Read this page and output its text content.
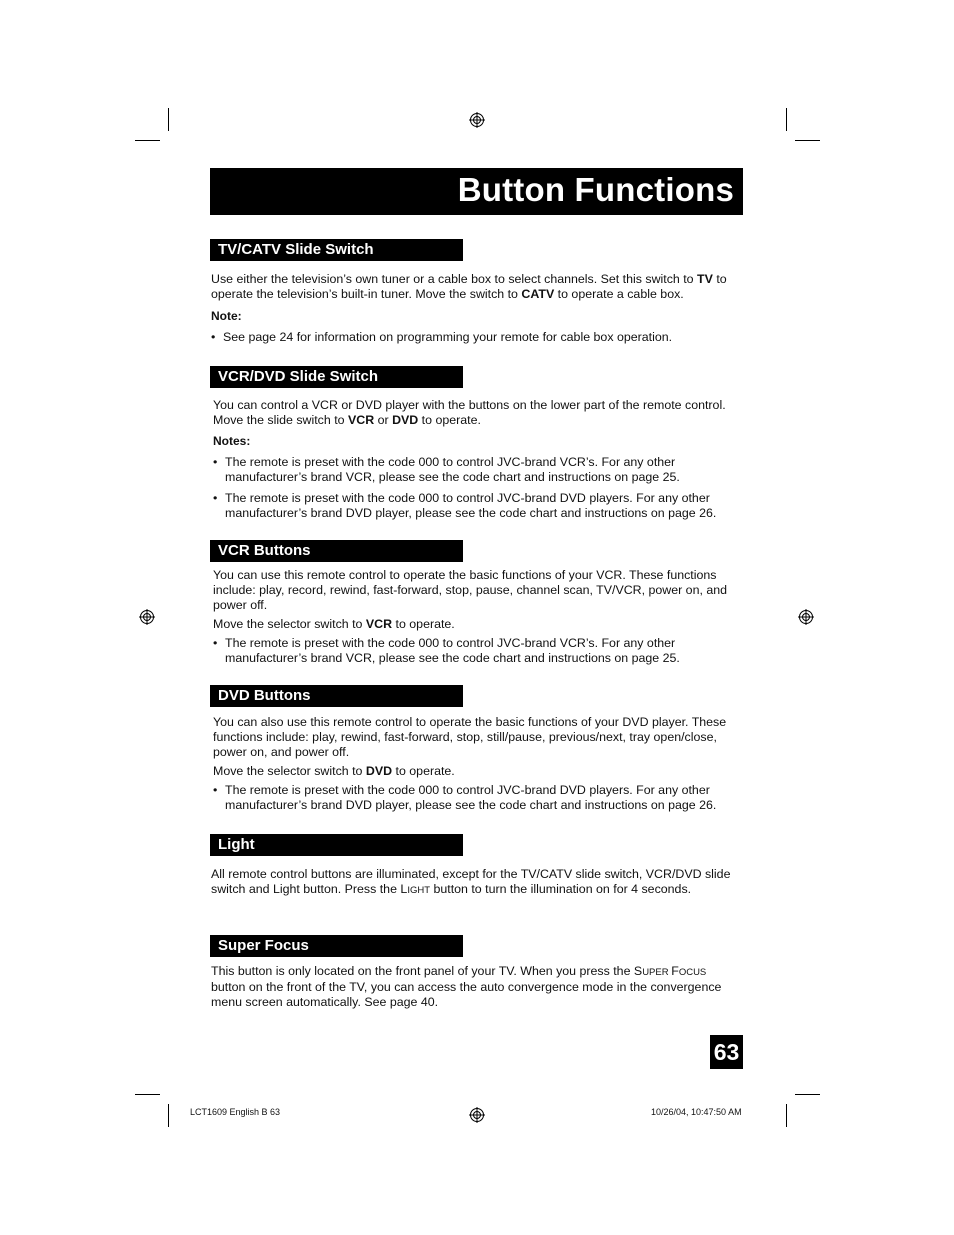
Button Functions
TV/CATV Slide Switch

Use either the television’s own tuner or a cable box to select channels. Set this switch to TV to operate the television’s built-in tuner. Move the switch to CATV to operate a cable box.

Note:
• See page 24 for information on programming your remote for cable box operation.
VCR/DVD Slide Switch

You can control a VCR or DVD player with the buttons on the lower part of the remote control. Move the slide switch to VCR or DVD to operate.

Notes:
• The remote is preset with the code 000 to control JVC-brand VCR’s. For any other manufacturer’s brand VCR, please see the code chart and instructions on page 25.
• The remote is preset with the code 000 to control JVC-brand DVD players. For any other manufacturer’s brand DVD player, please see the code chart and instructions on page 26.
VCR Buttons

You can use this remote control to operate the basic functions of your VCR. These functions include: play, record, rewind, fast-forward, stop, pause, channel scan, TV/VCR, power on, and power off.

Move the selector switch to VCR to operate.

• The remote is preset with the code 000 to control JVC-brand VCR’s. For any other manufacturer’s brand VCR, please see the code chart and instructions on page 25.
DVD Buttons

You can also use this remote control to operate the basic functions of your DVD player. These functions include: play, rewind, fast-forward, stop, still/pause, previous/next, tray open/close, power on, and power off.

Move the selector switch to DVD to operate.

• The remote is preset with the code 000 to control JVC-brand DVD players. For any other manufacturer’s brand DVD player, please see the code chart and instructions on page 26.
Light

All remote control buttons are illuminated, except for the TV/CATV slide switch, VCR/DVD slide switch and Light button. Press the LIGHT button to turn the illumination on for 4 seconds.

Super Focus

This button is only located on the front panel of your TV. When you press the SUPER FOCUS button on the front of the TV, you can access the auto convergence mode in the convergence menu screen automatically. See page 40.

63
LCT1609 English B 63	10/26/04, 10:47:50 AM
